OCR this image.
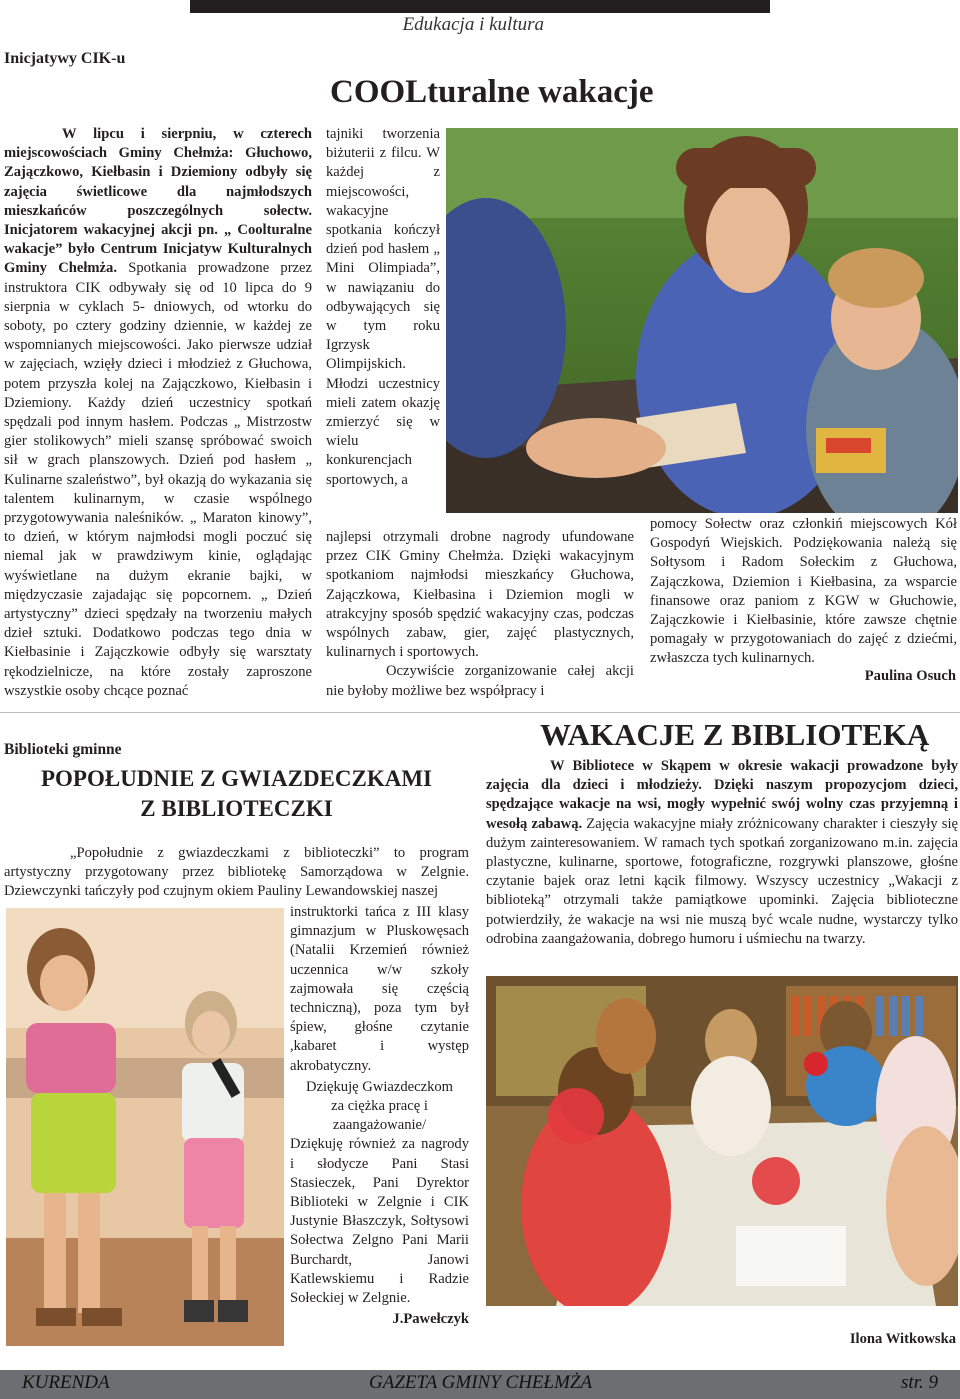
Edukacja i kultura
Inicjatywy CIK-u
COOLturalne wakacje

W lipcu i sierpniu, w czterech miejscowościach Gminy Chełmża: Głuchowo, Zajączkowo, Kiełbasin i Dziemiony odbyły się zajęcia świetlicowe dla najmłodszych mieszkańców poszczególnych sołectw. Inicjatorem wakacyjnej akcji pn. „ Coolturalne wakacje” było Centrum Inicjatyw Kulturalnych Gminy Chełmża. Spotkania prowadzone przez instruktora CIK odbywały się od 10 lipca do 9 sierpnia w cyklach 5- dniowych, od wtorku do soboty, po cztery godziny dziennie, w każdej ze wspomnianych miejscowości. Jako pierwsze udział w zajęciach, wzięły dzieci i młodzież z Głuchowa, potem przyszła kolej na Zajączkowo, Kiełbasin i Dziemiony. Każdy dzień uczestnicy spotkań spędzali pod innym hasłem. Podczas „ Mistrzostw gier stolikowych” mieli szansę spróbować swoich sił w grach planszowych. Dzień pod hasłem „ Kulinarne szaleństwo”, był okazją do wykazania się talentem kulinarnym, w czasie wspólnego przygotowywania naleśników. „ Maraton kinowy”, to dzień, w którym najmłodsi mogli poczuć się niemal jak w prawdziwym kinie, oglądając wyświetlane na dużym ekranie bajki, w międzyczasie zajadając się popcornem. „ Dzień artystyczny” dzieci spędzały na tworzeniu małych dzieł sztuki. Dodatkowo podczas tego dnia w Kiełbasinie i Zajączkowie odbyły się warsztaty rękodzielnicze, na które zostały zaproszone wszystkie osoby chcące poznać

tajniki tworzenia biżuterii z filcu. W każdej z miejscowości, wakacyjne spotkania kończył dzień pod hasłem „ Mini Olimpiada”, w nawiązaniu do odbywających się w tym roku Igrzysk Olimpijskich. Młodzi uczestnicy mieli zatem okazję zmierzyć się w wielu konkurencjach sportowych, a
najlepsi otrzymali drobne nagrody ufundowane przez CIK Gminy Chełmża. Dzięki wakacyjnym spotkaniom najmłodsi mieszkańcy Głuchowa, Zajączkowa, Kiełbasina i Dziemion mogli w atrakcyjny sposób spędzić wakacyjny czas, podczas wspólnych zabaw, gier, zajęć plastycznych, kulinarnych i sportowych.

Oczywiście zorganizowanie całej akcji nie byłoby możliwe bez współpracy i

pomocy Sołectw oraz członkiń miejscowych Kół Gospodyń Wiejskich. Podziękowania należą się Sołtysom i Radom Sołeckim z Głuchowa, Zajączkowa, Dziemion i Kiełbasina, za wsparcie finansowe oraz paniom z KGW w Głuchowie, Zajączkowie i Kiełbasinie, które zawsze chętnie pomagały w przygotowaniach do zajęć z dziećmi, zwłaszcza tych kulinarnych.
Paulina Osuch
Biblioteki gminne
POPOŁUDNIE Z GWIAZDECZKAMI
Z BIBLIOTECZKI

„Popołudnie z gwiazdeczkami z biblioteczki” to program artystyczny przygotowany przez bibliotekę Samorządowa w Zelgnie. Dziewczynki tańczyły pod czujnym okiem Pauliny Lewandowskiej naszej

instruktorki tańca z III klasy gimnazjum w Pluskowęsach (Natalii Krzemień również uczennica w/w szkoły zajmowała się częścią techniczną), poza tym był śpiew, głośne czytanie ,kabaret i występ akrobatyczny.
Dziękuję Gwiazdeczkom
za ciężka pracę i
zaangażowanie/
Dziękuję również za nagrody i słodycze Pani Stasi Stasieczek, Pani Dyrektor Biblioteki w Zelgnie i CIK Justynie Błaszczyk, Sołtysowi Sołectwa Zelgno Pani Marii Burchardt, Janowi Katlewskiemu i Radzie Sołeckiej w Zelgnie.
J.Pawełczyk
WAKACJE Z BIBLIOTEKĄ

W Bibliotece w Skąpem w okresie wakacji prowadzone były zajęcia dla dzieci i młodzieży. Dzięki naszym propozycjom dzieci, spędzające wakacje na wsi, mogły wypełnić swój wolny czas przyjemną i wesołą zabawą. Zajęcia wakacyjne miały zróżnicowany charakter i cieszyły się dużym zainteresowaniem. W ramach tych spotkań zorganizowano m.in. zajęcia plastyczne, kulinarne, sportowe, fotograficzne, rozgrywki planszowe, głośne czytanie bajek oraz letni kącik filmowy. Wszyscy uczestnicy „Wakacji z biblioteką” otrzymali także pamiątkowe upominki. Zajęcia biblioteczne potwierdziły, że wakacje na wsi nie muszą być wcale nudne, wystarczy tylko odrobina zaangażowania, dobrego humoru i uśmiechu na twarzy.

Ilona Witkowska
KURENDA	GAZETA GMINY CHEŁMŻA	str. 9
